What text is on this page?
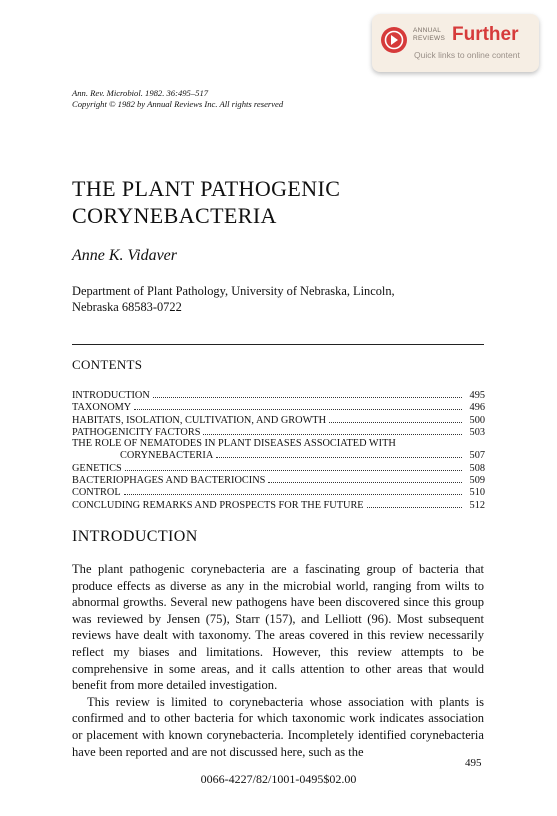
ANNUAL
REVIEWS Further
Quick links to online content
Ann. Rev. Microbiol. 1982. 36:495–517
Copyright © 1982 by Annual Reviews Inc. All rights reserved
THE PLANT PATHOGENIC
CORYNEBACTERIA
Anne K. Vidaver
Department of Plant Pathology, University of Nebraska, Lincoln,
Nebraska 68583-0722
CONTENTS
INTRODUCTION	495
TAXONOMY	496
HABITATS, ISOLATION, CULTIVATION, AND GROWTH	500
PATHOGENICITY FACTORS	503
THE ROLE OF NEMATODES IN PLANT DISEASES ASSOCIATED WITH
CORYNEBACTERIA	507
GENETICS	508
BACTERIOPHAGES AND BACTERIOCINS	509
CONTROL	510
CONCLUDING REMARKS AND PROSPECTS FOR THE FUTURE	512
INTRODUCTION

The plant pathogenic corynebacteria are a fascinating group of bacteria that produce effects as diverse as any in the microbial world, ranging from wilts to abnormal growths. Several new pathogens have been discovered since this group was reviewed by Jensen (75), Starr (157), and Lelliott (96). Most subsequent reviews have dealt with taxonomy. The areas covered in this review necessarily reflect my biases and limitations. However, this review attempts to be comprehensive in some areas, and it calls attention to other areas that would benefit from more detailed investigation.

This review is limited to corynebacteria whose association with plants is confirmed and to other bacteria for which taxonomic work indicates association or placement with known corynebacteria. Incompletely identified corynebacteria have been reported and are not discussed here, such as the

495
0066-4227/82/1001-0495$02.00
